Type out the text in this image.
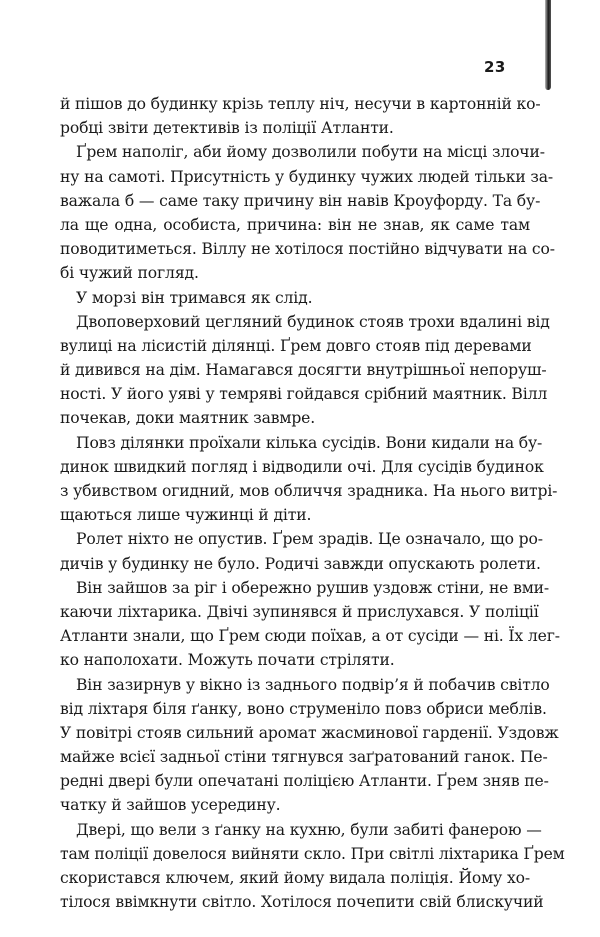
23
й пішов до будинку крізь теплу ніч, несучи в картонній ко-
робці звіти детективів із поліції Атланти.
Ґрем наполіг, аби йому дозволили побути на місці злочи-
ну на самоті. Присутність у будинку чужих людей тільки за-
важала б — саме таку причину він навів Кроуфорду. Та бу-
ла ще одна, особиста, причина: він не знав, як саме там
поводитиметься. Віллу не хотілося постійно відчувати на со-
бі чужий погляд.
У морзі він тримався як слід.
Двоповерховий цегляний будинок стояв трохи вдалині від
вулиці на лісистій ділянці. Ґрем довго стояв під деревами
й дивився на дім. Намагався досягти внутрішньої непоруш-
ності. У його уяві у темряві гойдався срібний маятник. Вілл
почекав, доки маятник завмре.
Повз ділянки проїхали кілька сусідів. Вони кидали на бу-
динок швидкий погляд і відводили очі. Для сусідів будинок
з убивством огидний, мов обличчя зрадника. На нього витрі-
щаються лише чужинці й діти.
Ролет ніхто не опустив. Ґрем зрадів. Це означало, що ро-
дичів у будинку не було. Родичі завжди опускають ролети.
Він зайшов за ріг і обережно рушив уздовж стіни, не вми-
каючи ліхтарика. Двічі зупинявся й прислухався. У поліції
Атланти знали, що Ґрем сюди поїхав, а от сусіди — ні. Їх лег-
ко наполохати. Можуть почати стріляти.
Він зазирнув у вікно із заднього подвір’я й побачив світло
від ліхтаря біля ґанку, воно струменіло повз обриси меблів.
У повітрі стояв сильний аромат жасминової гарденії. Уздовж
майже всієї задньої стіни тягнувся заґратований ганок. Пе-
редні двері були опечатані поліцією Атланти. Ґрем зняв пе-
чатку й зайшов усередину.
Двері, що вели з ґанку на кухню, були забиті фанерою —
там поліції довелося вийняти скло. При світлі ліхтарика Ґрем
скористався ключем, який йому видала поліція. Йому хо-
тілося ввімкнути світло. Хотілося почепити свій блискучий
